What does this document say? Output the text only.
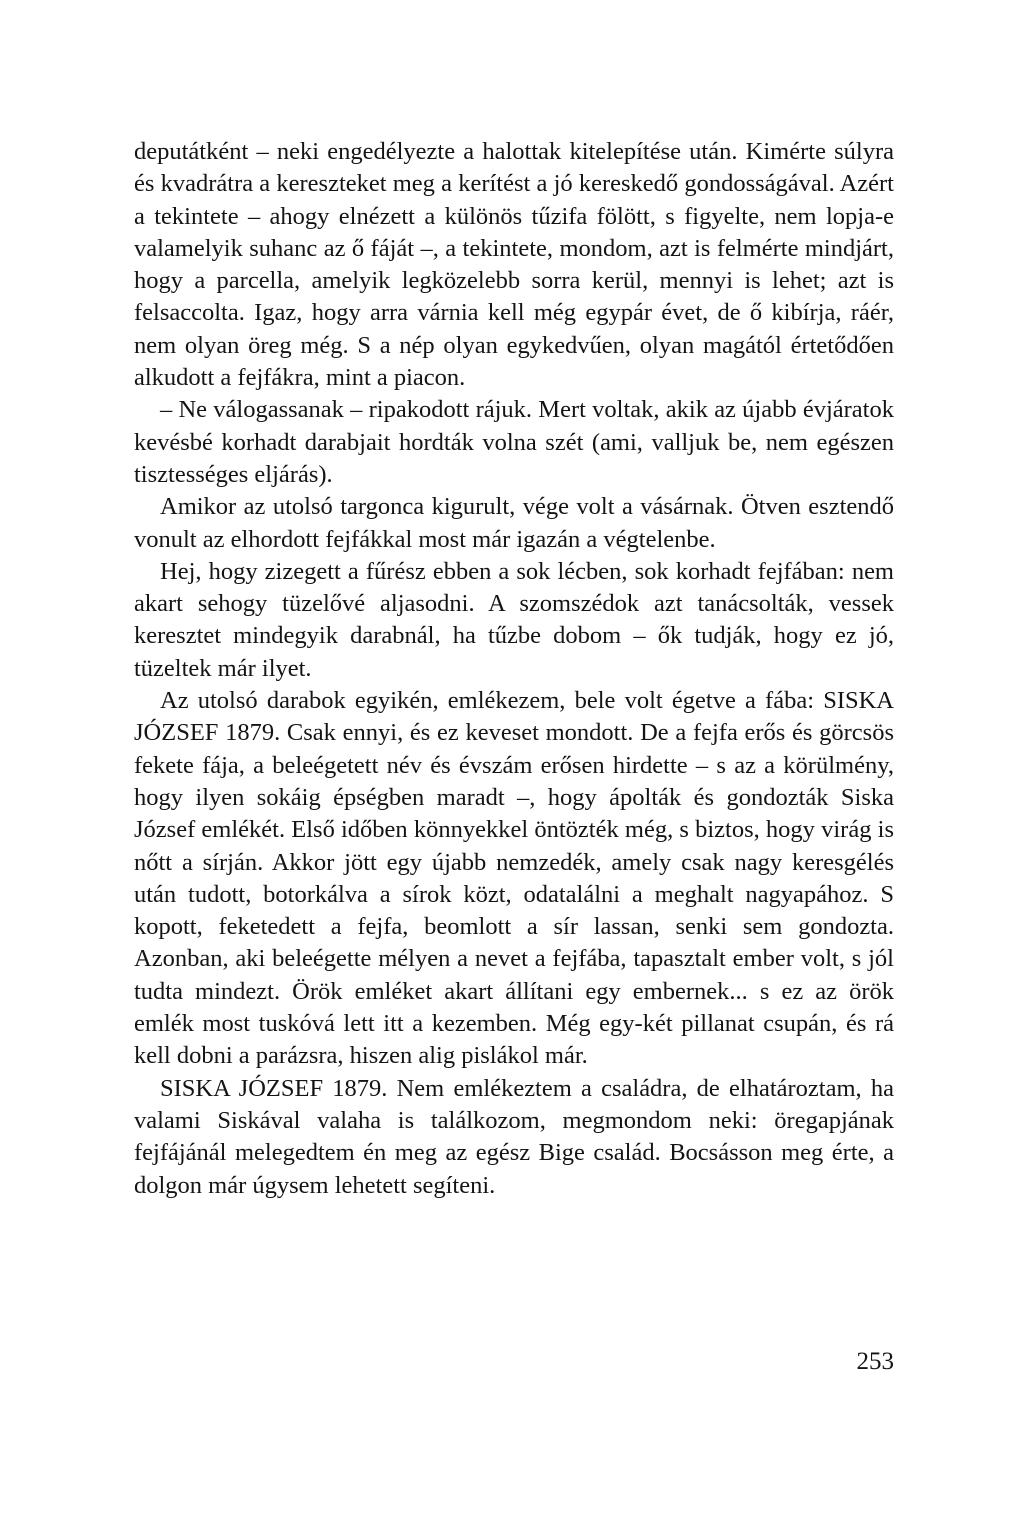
deputátként – neki engedélyezte a halottak kitelepítése után. Kimérte súlyra és kvadrátra a kereszteket meg a kerítést a jó kereskedő gondosságával. Azért a tekintete – ahogy elnézett a különös tűzifa fölött, s figyelte, nem lopja-e valamelyik suhanc az ő fáját –, a tekintete, mondom, azt is felmérte mindjárt, hogy a parcella, amelyik legközelebb sorra kerül, mennyi is lehet; azt is felsaccolta. Igaz, hogy arra várnia kell még egypár évet, de ő kibírja, ráér, nem olyan öreg még. S a nép olyan egykedvűen, olyan magától értetődően alkudott a fejfákra, mint a piacon.

– Ne válogassanak – ripakodott rájuk. Mert voltak, akik az újabb évjáratok kevésbé korhadt darabjait hordták volna szét (ami, valljuk be, nem egészen tisztességes eljárás).

Amikor az utolsó targonca kigurult, vége volt a vásárnak. Ötven esztendő vonult az elhordott fejfákkal most már igazán a végtelenbe.

Hej, hogy zizegett a fűrész ebben a sok lécben, sok korhadt fejfában: nem akart sehogy tüzelővé aljasodni. A szomszédok azt tanácsolták, vessek keresztet mindegyik darabnál, ha tűzbe dobom – ők tudják, hogy ez jó, tüzeltek már ilyet.

Az utolsó darabok egyikén, emlékezem, bele volt égetve a fába: SISKA JÓZSEF 1879. Csak ennyi, és ez keveset mondott. De a fejfa erős és görcsös fekete fája, a beleégetett név és évszám erősen hirdette – s az a körülmény, hogy ilyen sokáig épségben maradt –, hogy ápolták és gondozták Siska József emlékét. Első időben könnyekkel öntözték még, s biztos, hogy virág is nőtt a sírján. Akkor jött egy újabb nemzedék, amely csak nagy keresgélés után tudott, botorkálva a sírok közt, odatalálni a meghalt nagyapához. S kopott, feketedett a fejfa, beomlott a sír lassan, senki sem gondozta. Azonban, aki beleégette mélyen a nevet a fejfába, tapasztalt ember volt, s jól tudta mindezt. Örök emléket akart állítani egy embernek... s ez az örök emlék most tuskóvá lett itt a kezemben. Még egy-két pillanat csupán, és rá kell dobni a parázsra, hiszen alig pislákol már.

SISKA JÓZSEF 1879. Nem emlékeztem a családra, de elhatároztam, ha valami Siskával valaha is találkozom, megmondom neki: öregapjának fejfájánál melegedtem én meg az egész Bige család. Bocsásson meg érte, a dolgon már úgysem lehetett segíteni.

253
